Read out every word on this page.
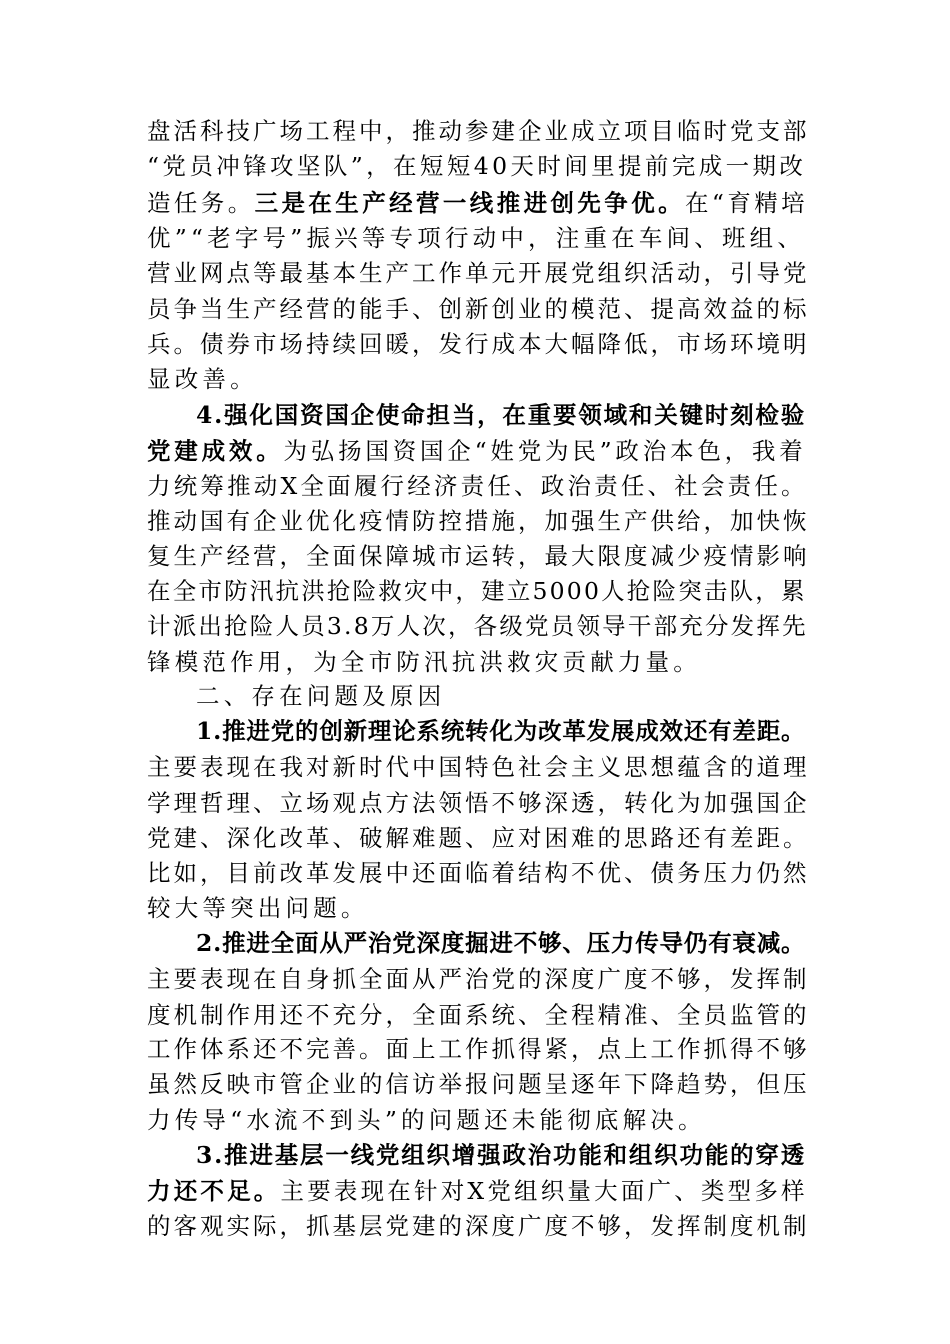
盘活科技广场工程中，推动参建企业成立项目临时党支部
“党员冲锋攻坚队”，在短短40天时间里提前完成一期改
造任务。三是在生产经营一线推进创先争优。在“育精培
优”“老字号”振兴等专项行动中，注重在车间、班组、
营业网点等最基本生产工作单元开展党组织活动，引导党
员争当生产经营的能手、创新创业的模范、提高效益的标
兵。债券市场持续回暖，发行成本大幅降低，市场环境明
显改善。
4.强化国资国企使命担当，在重要领域和关键时刻检验
党建成效。为弘扬国资国企“姓党为民”政治本色，我着
力统筹推动X全面履行经济责任、政治责任、社会责任。
推动国有企业优化疫情防控措施，加强生产供给，加快恢
复生产经营，全面保障城市运转，最大限度减少疫情影响
在全市防汛抗洪抢险救灾中，建立5000人抢险突击队，累
计派出抢险人员3.8万人次，各级党员领导干部充分发挥先
锋模范作用，为全市防汛抗洪救灾贡献力量。
二、存在问题及原因
1.推进党的创新理论系统转化为改革发展成效还有差距。
主要表现在我对新时代中国特色社会主义思想蕴含的道理
学理哲理、立场观点方法领悟不够深透，转化为加强国企
党建、深化改革、破解难题、应对困难的思路还有差距。
比如，目前改革发展中还面临着结构不优、债务压力仍然
较大等突出问题。
2.推进全面从严治党深度掘进不够、压力传导仍有衰减。
主要表现在自身抓全面从严治党的深度广度不够，发挥制
度机制作用还不充分，全面系统、全程精准、全员监管的
工作体系还不完善。面上工作抓得紧，点上工作抓得不够
虽然反映市管企业的信访举报问题呈逐年下降趋势，但压
力传导“水流不到头”的问题还未能彻底解决。
3.推进基层一线党组织增强政治功能和组织功能的穿透
力还不足。主要表现在针对X党组织量大面广、类型多样
的客观实际，抓基层党建的深度广度不够，发挥制度机制
